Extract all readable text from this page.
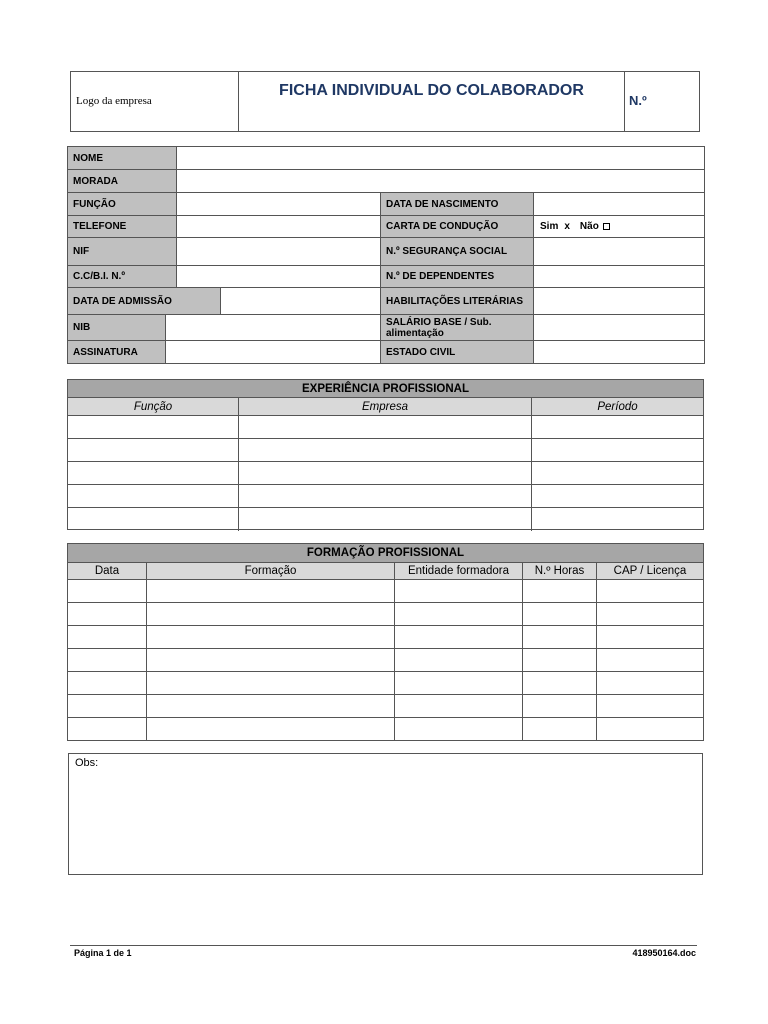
Logo da empresa
FICHA INDIVIDUAL DO COLABORADOR
N.º
NOME
MORADA
FUNÇÃO	DATA DE NASCIMENTO
TELEFONE	CARTA DE CONDUÇÃO	Sim x Não
NIF	N.º SEGURANÇA SOCIAL
C.C/B.I. N.º	N.º DE DEPENDENTES
DATA DE ADMISSÃO	HABILITAÇÕES LITERÁRIAS
NIB	SALÁRIO BASE / Sub. alimentação
ASSINATURA	ESTADO CIVIL
EXPERIÊNCIA PROFISSIONAL
Função	Empresa	Período
FORMAÇÃO PROFISSIONAL
Data	Formação	Entidade formadora	N.º Horas	CAP / Licença
Obs:
Página 1 de 1	418950164.doc
